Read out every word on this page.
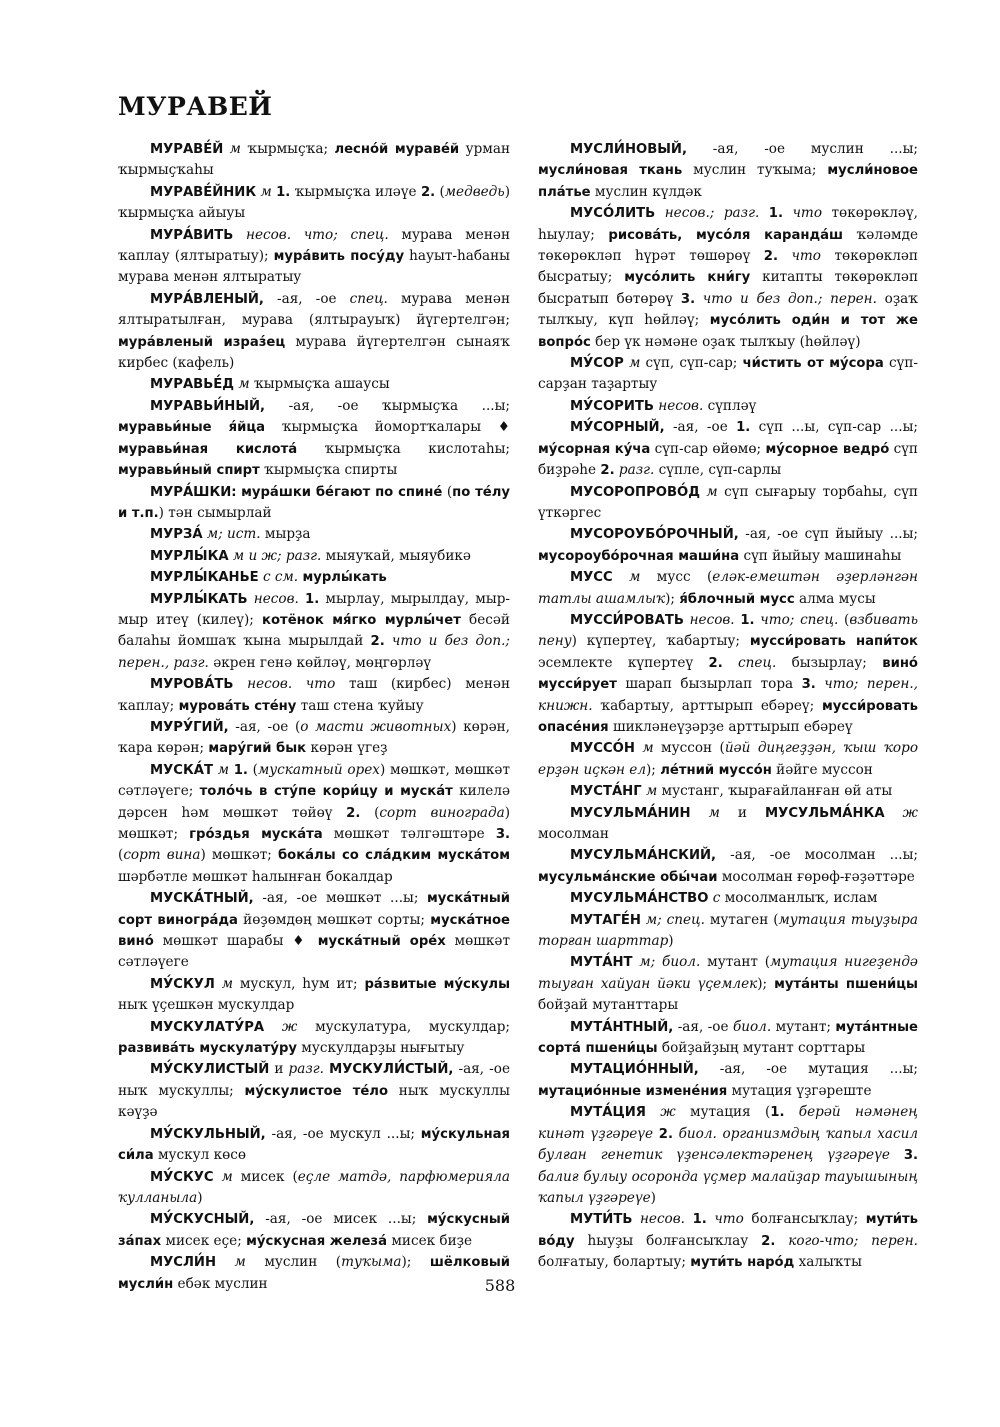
МУРАВЕЙ

МУРАВЕ́Й м ҡырмыҫҡа; лесно́й муравéй урман ҡырмыҫҡаһы

МУРАВЕ́ЙНИК м 1. ҡырмыҫҡа иләүе 2. (медведь) ҡырмыҫҡа айыуы

МУРА́ВИТЬ несов. что; спец. мурава менән ҡаплау (ялтыратыу); мура́вить посу́ду һауыт-һабаны мурава менән ялтыратыу

МУРА́ВЛЕНЫЙ, -ая, -ое спец. мурава менән ялтыратылған, мурава (ялтырауыҡ) йүгертелгән; мура́вленый израз́ец мурава йүгертелгән сынаяҡ кирбес (кафель)

МУРАВЬЕ́Д м ҡырмыҫҡа ашаусы

МУРАВЬИ́НЫЙ, -ая, -ое ҡырмыҫҡа ...ы; муравьи́ные я́йца ҡырмыҫҡа йомортҡалары ♦ муравьи́ная кислота́ ҡырмыҫҡа кислотаһы; муравьи́ный спирт ҡырмыҫҡа спирты

МУРА́ШКИ: мура́шки бе́гают по спине́ (по те́лу и т.п.) тән сымырлай

МУРЗА́ м; ист. мырҙа

МУРЛЫ́КА м и ж; разг. мыяуҡай, мыяубикә

МУРЛЫ́КАНЬЕ с см. мурлы́кать

МУРЛЫ́КАТЬ несов. 1. мырлау, мырылдау, мыр-мыр итеү (килеү); котёнок мя́гко мурлы́чет бесәй балаһы йомшаҡ ҡына мырылдай 2. что и без доп.; перен., разг. әкрен генә көйләү, мөңгөрләү

МУРОВА́ТЬ несов. что таш (кирбес) менән ҡаплау; мурова́ть сте́ну таш стена ҡуйыу

МУРУ́ГИЙ, -ая, -ое (о масти животных) көрән, ҡара көрән; мару́гий бык көрән үгеҙ

МУСКА́Т м 1. (мускатный орех) мөшкәт, мөшкәт сәтләүеге; толо́чь в сту́пе кори́цу и муска́т килелә дәрсен һәм мөшкәт төйөү 2. (сорт винограда) мөшкәт; гро́здья муска́та мөшкәт тәлгәштәре 3. (сорт вина) мөшкәт; бока́лы со сла́дким муска́том шәрбәтле мөшкәт һалынған бокалдар

МУСКА́ТНЫЙ, -ая, -ое мөшкәт ...ы; муска́тный сорт виногра́да йөҙөмдөң мөшкәт сорты; муска́тное вино́ мөшкәт шарабы ♦ муска́тный оре́х мөшкәт сәтләүеге

МУ́СКУЛ м мускул, һум ит; ра́звитые му́скулы ныҡ үҫешкән мускулдар

МУСКУЛАТУ́РА ж мускулатура, мускулдар; развива́ть мускулату́ру мускулдарҙы нығытыу

МУ́СКУЛИСТЫЙ и разг. МУСКУЛИ́СТЫЙ, -ая, -ое ныҡ мускуллы; му́скулистое те́ло ныҡ мускуллы кәүҙә

МУ́СКУЛЬНЫЙ, -ая, -ое мускул ...ы; му́скульная си́ла мускул көсө

МУ́СКУС м мисек (еҫле матдә, парфюмерияла ҡулланыла)

МУ́СКУСНЫЙ, -ая, -ое мисек ...ы; му́скусный за́пах мисек еҫе; му́скусная железа́ мисек биҙе

МУСЛИ́Н м муслин (туҡыма); шёлковый мусли́н ебәк муслин

МУСЛИ́НОВЫЙ, -ая, -ое муслин ...ы; мусли́новая ткань муслин туҡыма; мусли́новое пла́тье муслин күлдәк

МУСО́ЛИТЬ несов.; разг. 1. что төкөрөкләү, һыулау; рисова́ть, мусо́ля каранда́ш ҡәләмде төкөрөкләп һүрәт төшөрөү 2. что төкөрөкләп бысратыу; мусо́лить кни́гу китапты төкөрөкләп бысратып бөтөрөү 3. что и без доп.; перен. оҙаҡ тылҡыу, күп һөйләү; мусо́лить оди́н и тот же вопро́с бер үк нәмәне оҙаҡ тылҡыу (һөйләү)

МУ́СОР м сүп, сүп-сар; чи́стить от му́сора сүп-сарҙан таҙартыу

МУ́СОРИТЬ несов. сүпләү

МУ́СОРНЫЙ, -ая, -ое 1. сүп ...ы, сүп-сар ...ы; му́сорная ку́ча сүп-сар өйөмө; му́сорное ведро́ сүп биҙрәһе 2. разг. сүпле, сүп-сарлы

МУСОРОПРОВО́Д м сүп сығарыу торбаһы, сүп үткәргес

МУСОРОУБО́РОЧНЫЙ, -ая, -ое сүп йыйыу ...ы; мусороубо́рочная маши́на сүп йыйыу машинаһы

МУСС м мусс (еләк-емештән әҙерләнгән татлы ашамлыҡ); я́блочный мусс алма мусы

МУССИ́РОВАТЬ несов. 1. что; спец. (взбивать пену) күпертеү, ҡабартыу; мусси́ровать напи́ток эсемлекте күпертеү 2. спец. бызырлау; вино́ мусси́рует шарап бызырлап тора 3. что; перен., книжн. ҡабартыу, арттырып ебәреү; мусси́ровать опасе́ния шикләнеүҙәрҙе арттырып ебәреү

МУССО́Н м муссон (йәй диңгеҙҙән, ҡыш ҡоро ерҙән иҫкән ел); ле́тний муссо́н йәйге муссон

МУСТА́НГ м мустанг, ҡырағайланған өй аты

МУСУЛЬМА́НИН м и МУСУЛЬМА́НКА ж мосолман

МУСУЛЬМА́НСКИЙ, -ая, -ое мосолман ...ы; мусульма́нские обы́чаи мосолман ғөрөф-ғәҙәттәре

МУСУЛЬМА́НСТВО с мосолманлыҡ, ислам

МУТАГЕ́Н м; спец. мутаген (мутация тыуҙыра торған шарттар)

МУТА́НТ м; биол. мутант (мутация нигеҙендә тыуған хайуан йәки үҫемлек); мута́нты пшени́цы бойҙай мутанттары

МУТА́НТНЫЙ, -ая, -ое биол. мутант; мута́нтные сорта́ пшени́цы бойҙайҙың мутант сорттары

МУТАЦИО́ННЫЙ, -ая, -ое мутация ...ы; мутацио́нные измене́ния мутация үҙгәреште

МУТА́ЦИЯ ж мутация (1. берәй нәмәнең кинәт үҙгәреүе 2. биол. организмдың ҡапыл хасил булған генетик үҙенсәлектәренең үҙгәреүе 3. балиғ булыу осоронда үҫмер малайҙар тауышының ҡапыл үҙгәреүе)

МУТИ́ТЬ несов. 1. что болғансыҡлау; мути́ть во́ду һыуҙы болғансыҡлау 2. кого-что; перен. болғатыу, болартыу; мути́ть наро́д халыҡты

588
